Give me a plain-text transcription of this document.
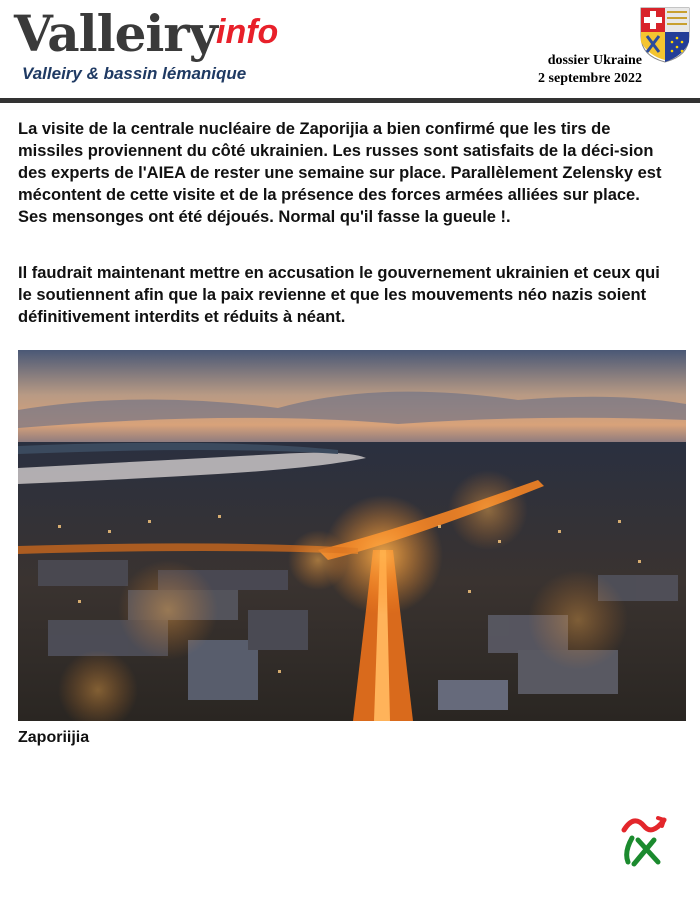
Valleiry info
Valleiry & bassin lémanique
dossier Ukraine
2 septembre 2022

La visite de la centrale nucléaire de Zaporijia a bien confirmé que les tirs de missiles proviennent du côté ukrainien. Les russes sont satisfaits de la déci-sion des experts de l'AIEA de rester une semaine sur place. Parallèlement Zelensky est mécontent de cette visite et de la présence des forces armées alliées sur place. Ses mensonges ont été déjoués. Normal qu'il fasse la gueule !.

Il faudrait maintenant mettre en accusation le gouvernement ukrainien et ceux qui le soutiennent afin que la paix revienne et que les mouvements néo nazis soient définitivement interdits et réduits à néant.

Zaporiijia
